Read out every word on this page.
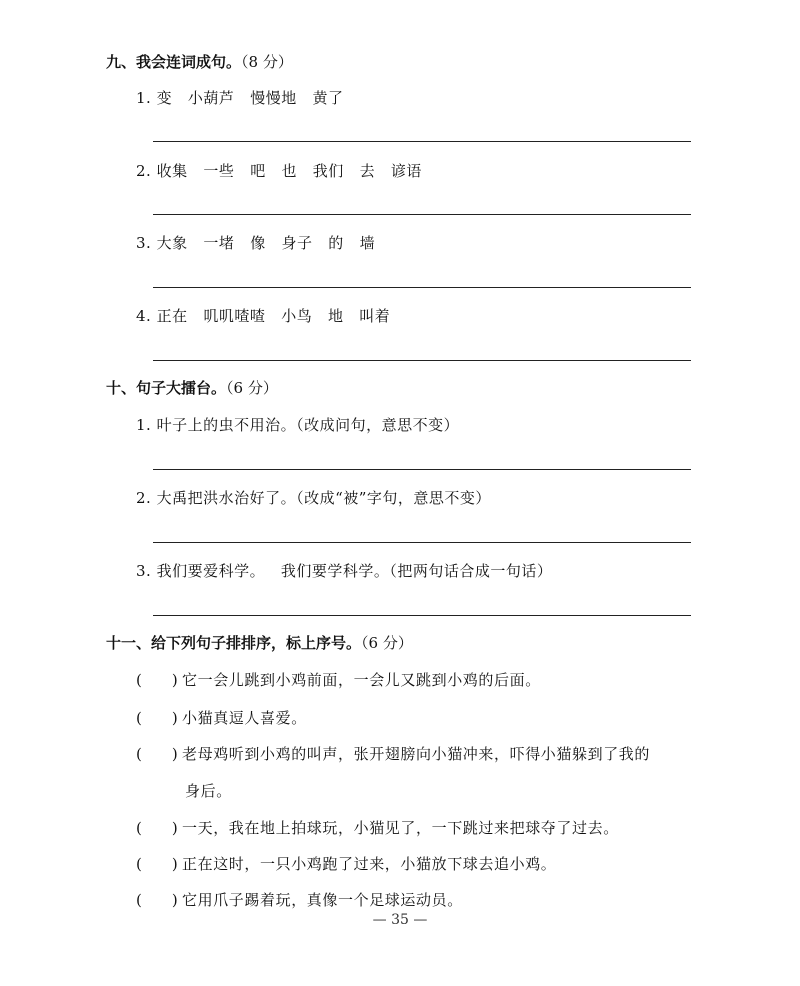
九、我会连词成句。（8 分）
1. 变   小葫芦   慢慢地   黄了
2. 收集   一些   吧   也   我们   去   谚语
3. 大象   一堵   像   身子   的   墙
4. 正在   叽叽喳喳   小鸟   地   叫着
十、句子大擂台。（6 分）
1. 叶子上的虫不用治。（改成问句，意思不变）
2. 大禹把洪水治好了。（改成“被”字句，意思不变）
3. 我们要爱科学。   我们要学科学。（把两句话合成一句话）
十一、给下列句子排排序，标上序号。（6 分）
(　　) 它一会儿跳到小鸡前面，一会儿又跳到小鸡的后面。
(　　) 小猫真逗人喜爱。
(　　) 老母鸡听到小鸡的叫声，张开翅膀向小猫冲来，吓得小猫躲到了我的
身后。
(　　) 一天，我在地上拍球玩，小猫见了，一下跳过来把球夺了过去。
(　　) 正在这时，一只小鸡跑了过来，小猫放下球去追小鸡。
(　　) 它用爪子踢着玩，真像一个足球运动员。
— 35 —
